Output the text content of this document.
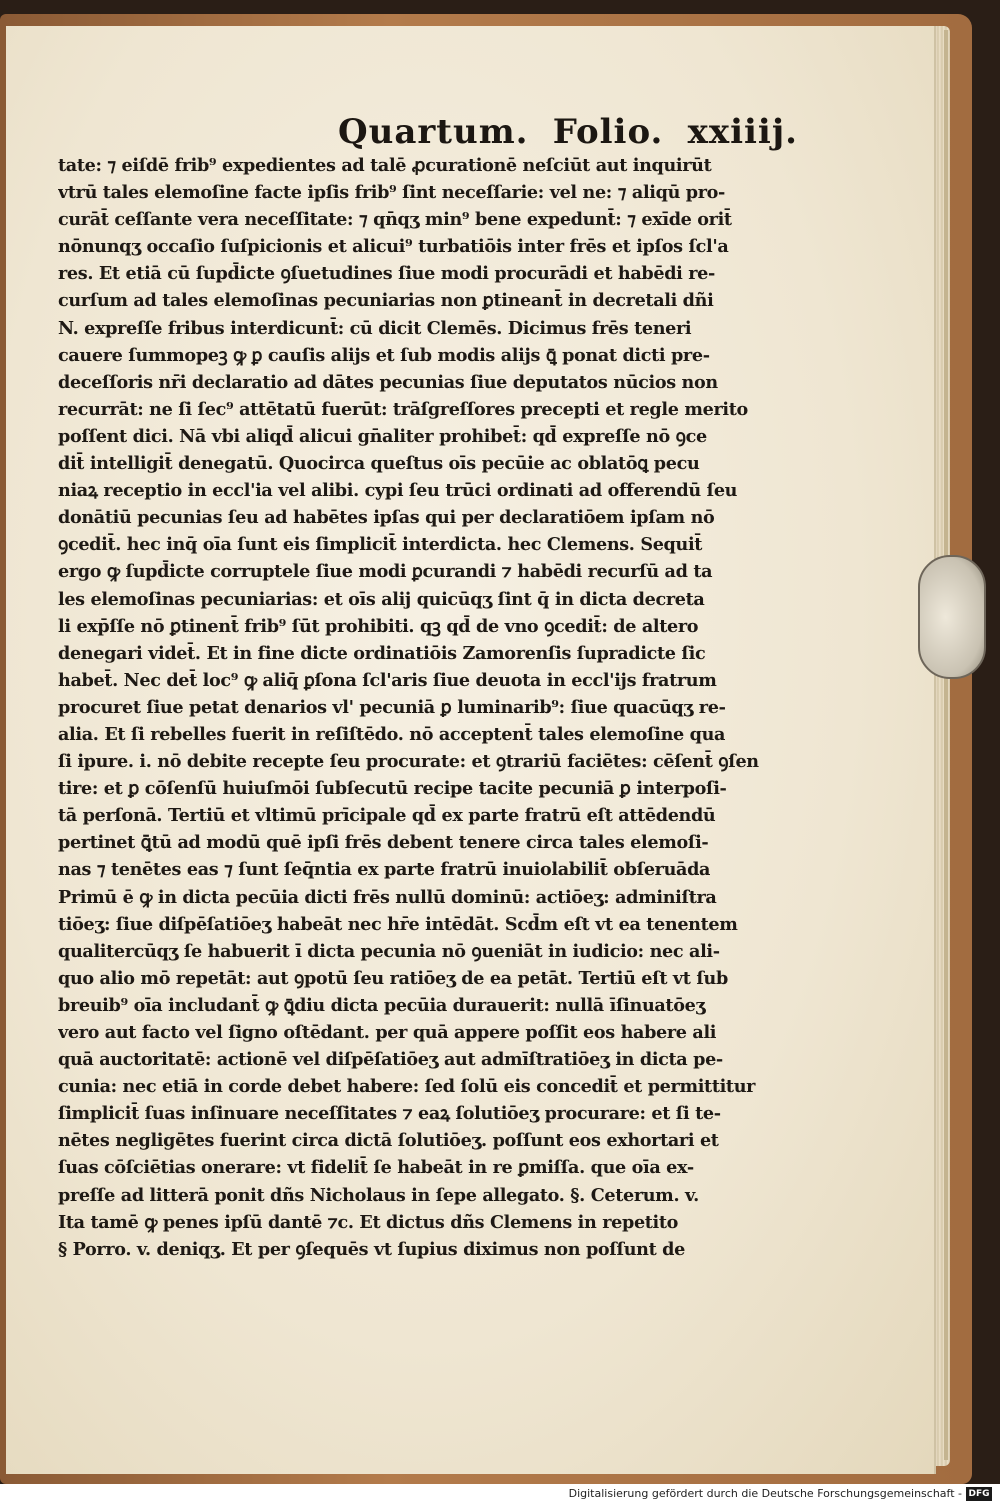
Quartum. Folio. xxiiij.
tate: ⁊ eiſdē frib⁹ expedientes ad talē ꝓcurationē neſciūt aut inquirūt
vtrū tales elemoſine facte ipſis frib⁹ ſint neceſſarie: vel ne: ⁊ aliqū pro-
curāt̄ ceſſante vera neceſſitate: ⁊ qn̄qʒ min⁹ bene expedunt̄: ⁊ exīde orit̄
nōnunqʒ occaſio ſuſpicionis et alicui⁹ turbatiōis inter frēs et ipſos ſcl'a
res. Et etiā cū ſupd̄icte ꝯſuetudines ſiue modi procurādi et habēdi re-
curſum ad tales elemoſinas pecuniarias non ꝑtineant̄ in decretali dñi
N. expreſſe fribus interdicunt̄: cū dicit Clemēs. Dicimus frēs teneri
cauere ſummopeꝫ ꝙ ꝑ cauſis alijs et ſub modis alijs ꝗ̄ ponat dicti pre-
deceſſoris nr̄i declaratio ad dātes pecunias ſiue deputatos nūcios non
recurrāt: ne ſi ſec⁹ attētatū fuerūt: trāſgreſſores precepti et regle merito
poſſent dici. Nā vbi aliqd̄ alicui gn̄aliter prohibet̄: qd̄ expreſſe nō ꝯce
dit̄ intelligit̄ denegatū. Quocirca queſtus oīs pecūie ac oblatōꝗ pecu
niaꝝ receptio in eccl'ia vel alibi. cypi ſeu trūci ordinati ad offerendū ſeu
donātiū pecunias ſeu ad habētes ipſas qui per declaratiōem ipſam nō
ꝯcedit̄. hec inq̄ oīa ſunt eis ſimplicit̄ interdicta. hec Clemens. Sequit̄
ergo ꝙ ſupd̄icte corruptele ſiue modi ꝑcurandi ⁊ habēdi recurſū ad ta
les elemoſinas pecuniarias: et oīs alij quicūqʒ ſint q̄ in dicta decreta
li exp̄ſſe nō ꝑtinent̄ frib⁹ ſūt prohibiti. qꝫ qd̄ de vno ꝯcedit̄: de altero
denegari videt̄. Et in fine dicte ordinatiōis Zamorenſis ſupradicte ſic
habet̄. Nec det̄ loc⁹ ꝙ aliq̄ ꝑſona ſcl'aris ſiue deuota in eccl'ijs fratrum
procuret ſiue petat denarios vl' pecuniā ꝑ luminarib⁹: ſiue quacūqʒ re-
alia. Et ſi rebelles fuerit in reſiſtēdo. nō acceptent̄ tales elemoſine qua
ſi ipure. i. nō debite recepte ſeu procurate: et ꝯtrariū faciētes: cēſent̄ ꝯſen
tire: et ꝑ cōſenſū huiuſmōi ſubſecutū recipe tacite pecuniā ꝑ interpoſi-
tā perſonā. Tertiū et vltimū prīcipale qd̄ ex parte fratrū eſt attēdendū
pertinet ꝗ̄tū ad modū quē ipſi frēs debent tenere circa tales elemoſi-
nas ⁊ tenētes eas ⁊ ſunt ſeq̄ntia ex parte fratrū inuiolabilit̄ obſeruāda
Primū ē ꝙ in dicta pecūia dicti frēs nullū dominū: actiōeʒ: adminiſtra
tiōeʒ: ſiue diſpēſatiōeʒ habeāt nec hr̄e intēdāt. Scd̄m eſt vt ea tenentem
qualitercūqʒ ſe habuerit ī dicta pecunia nō ꝯueniāt in iudicio: nec ali-
quo alio mō repetāt: aut ꝯpotū ſeu ratiōeʒ de ea petāt. Tertiū eſt vt ſub
breuib⁹ oīa includant̄ ꝙ ꝗ̄diu dicta pecūia durauerit: nullā īſinuatōeʒ
vero aut facto vel ſigno oſtēdant. per quā appere poſſit eos habere ali
quā auctoritatē: actionē vel diſpēſatiōeʒ aut admīſtratiōeʒ in dicta pe-
cunia: nec etiā in corde debet habere: ſed ſolū eis concedit̄ et permittitur
ſimplicit̄ ſuas inſinuare neceſſitates ⁊ eaꝝ ſolutiōeʒ procurare: et ſi te-
nētes negligētes fuerint circa dictā ſolutiōeʒ. poſſunt eos exhortari et
ſuas cōſciētias onerare: vt fidelit̄ ſe habeāt in re ꝑmiſſa. que oīa ex-
preſſe ad litterā ponit dñs Nicholaus in ſepe allegato. §. Ceterum. v.
Ita tamē ꝙ penes ipſū dantē ⁊c. Et dictus dñs Clemens in repetito
§ Porro. v. deniqʒ. Et per ꝯſequēs vt ſupius diximus non poſſunt de
Digitalisierung gefördert durch die Deutsche Forschungsgemeinschaft - DFG
